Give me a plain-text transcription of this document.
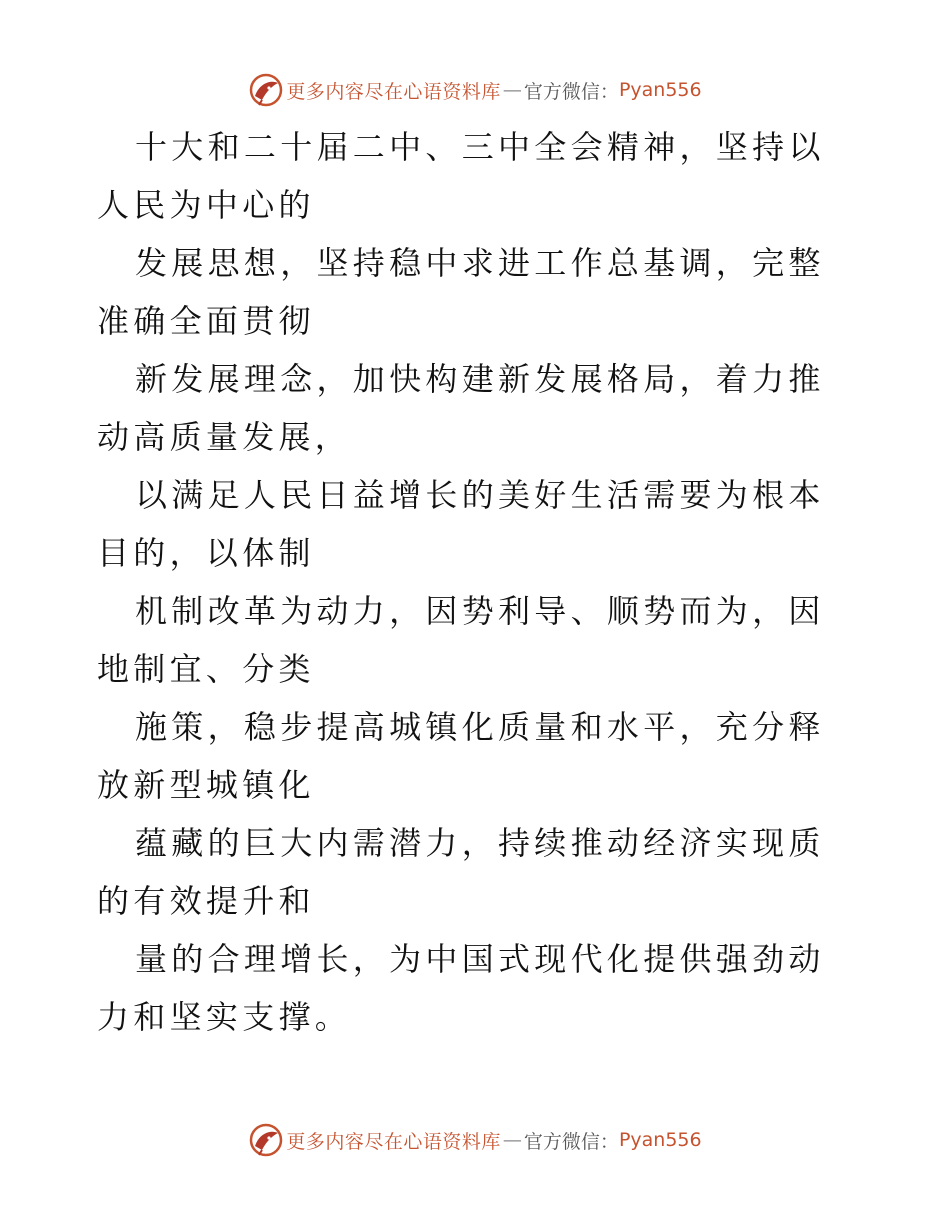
更多内容尽在心语资料库 — 官方微信： Pyan556

十大和二十届二中、三中全会精神，坚持以人民为中心的

发展思想，坚持稳中求进工作总基调，完整准确全面贯彻

新发展理念，加快构建新发展格局，着力推动高质量发展，

以满足人民日益增长的美好生活需要为根本目的，以体制

机制改革为动力，因势利导、顺势而为，因地制宜、分类

施策，稳步提高城镇化质量和水平，充分释放新型城镇化

蕴藏的巨大内需潜力，持续推动经济实现质的有效提升和

量的合理增长，为中国式现代化提供强劲动力和坚实支撑。

更多内容尽在心语资料库 — 官方微信： Pyan556
